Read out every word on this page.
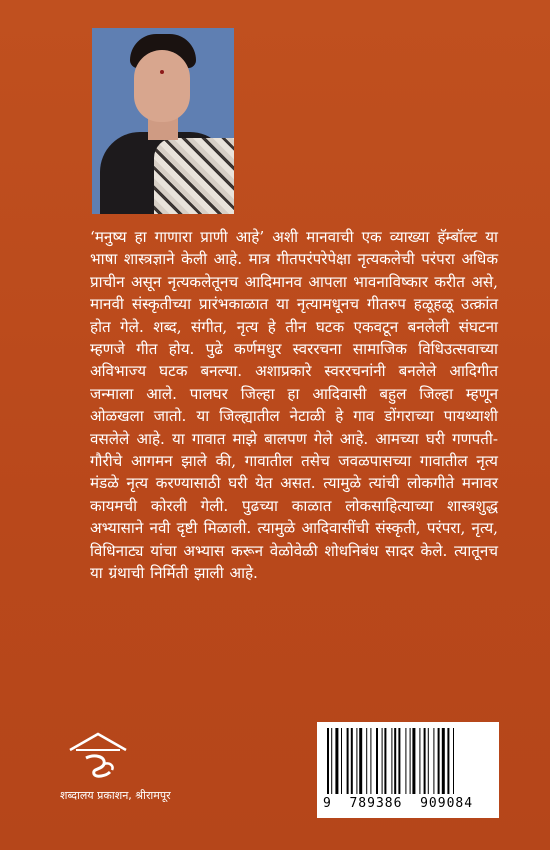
‘मनुष्य हा गाणारा प्राणी आहे’ अशी मानवाची एक व्याख्या हॅम्बॉल्ट या भाषा शास्त्रज्ञाने केली आहे. मात्र गीतपरंपरेपेक्षा नृत्यकलेची परंपरा अधिक प्राचीन असून नृत्यकलेतूनच आदिमानव आपला भावनाविष्कार करीत असे, मानवी संस्कृतीच्या प्रारंभकाळात या नृत्यामधूनच गीतरुप हळूहळू उत्क्रांत होत गेले. शब्द, संगीत, नृत्य हे तीन घटक एकवटून बनलेली संघटना म्हणजे गीत होय. पुढे कर्णमधुर स्वररचना सामाजिक विधिउत्सवाच्या अविभाज्य घटक बनल्या. अशाप्रकारे स्वररचनांनी बनलेले आदिगीत जन्माला आले. पालघर जिल्हा हा आदिवासी बहुल जिल्हा म्हणून ओळखला जातो. या जिल्ह्यातील नेटाळी हे गाव डोंगराच्या पायथ्याशी वसलेले आहे. या गावात माझे बालपण गेले आहे. आमच्या घरी गणपती-गौरीचे आगमन झाले की, गावातील तसेच जवळपासच्या गावातील नृत्य मंडळे नृत्य करण्यासाठी घरी येत असत. त्यामुळे त्यांची लोकगीते मनावर कायमची कोरली गेली. पुढच्या काळात लोकसाहित्याच्या शास्त्रशुद्ध अभ्यासाने नवी दृष्टी मिळाली. त्यामुळे आदिवासींची संस्कृती, परंपरा, नृत्य, विधिनाट्य यांचा अभ्यास करून वेळोवेळी शोधनिबंध सादर केले. त्यातूनच या ग्रंथाची निर्मिती झाली आहे.

शब्दालय प्रकाशन, श्रीरामपूर
9  789386  909084
